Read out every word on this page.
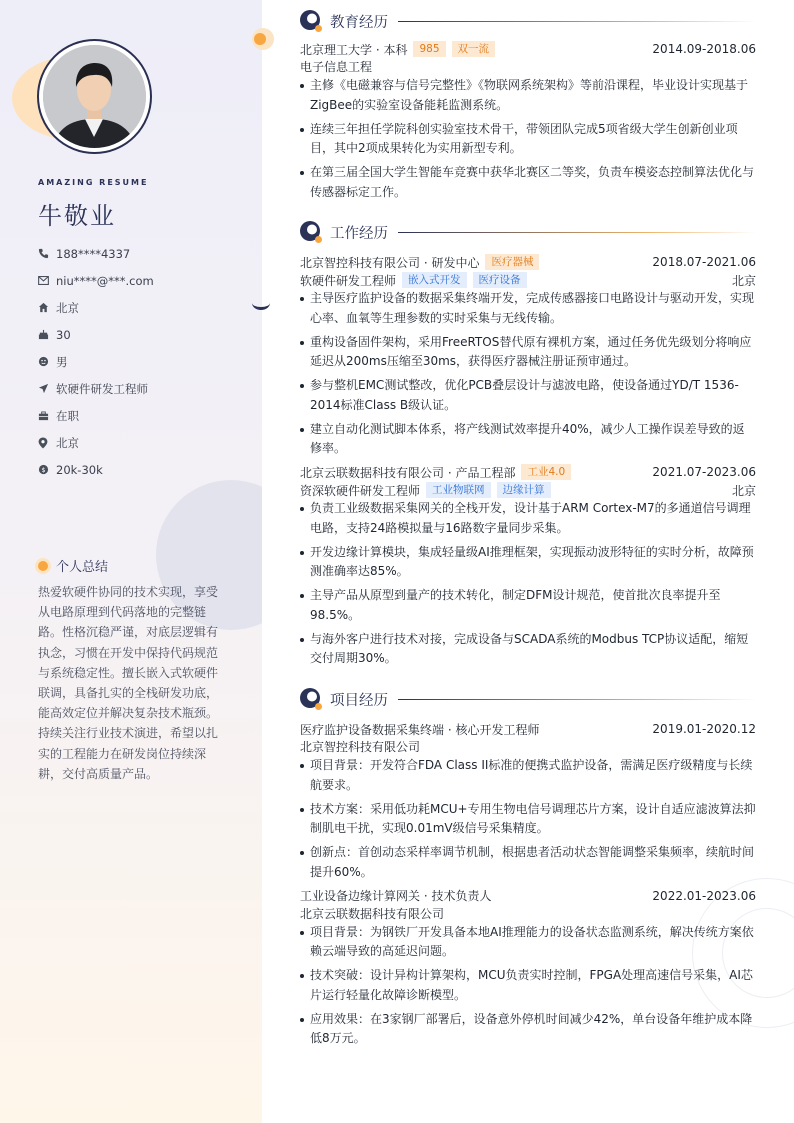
AMAZING RESUME
牛敬业
188****4337
niu****@***.com
北京
30
男
软硬件研发工程师
在职
北京
$ 20k-30k
个人总结
热爱软硬件协同的技术实现，享受从电路原理到代码落地的完整链路。性格沉稳严谨，对底层逻辑有执念，习惯在开发中保持代码规范与系统稳定性。擅长嵌入式软硬件联调，具备扎实的全栈研发功底，能高效定位并解决复杂技术瓶颈。持续关注行业技术演进，希望以扎实的工程能力在研发岗位持续深耕，交付高质量产品。
教育经历
北京理工大学 · 本科	985	双一流	2014.09-2018.06
电子信息工程
主修《电磁兼容与信号完整性》《物联网系统架构》等前沿课程，毕业设计实现基于ZigBee的实验室设备能耗监测系统。
连续三年担任学院科创实验室技术骨干，带领团队完成5项省级大学生创新创业项目，其中2项成果转化为实用新型专利。
在第三届全国大学生智能车竞赛中获华北赛区二等奖，负责车模姿态控制算法优化与传感器标定工作。
工作经历
北京智控科技有限公司 · 研发中心	医疗器械	2018.07-2021.06
软硬件研发工程师	嵌入式开发	医疗设备	北京
主导医疗监护设备的数据采集终端开发，完成传感器接口电路设计与驱动开发，实现心率、血氧等生理参数的实时采集与无线传输。
重构设备固件架构，采用FreeRTOS替代原有裸机方案，通过任务优先级划分将响应延迟从200ms压缩至30ms，获得医疗器械注册证预审通过。
参与整机EMC测试整改，优化PCB叠层设计与滤波电路，使设备通过YD/T 1536-2014标准Class B级认证。
建立自动化测试脚本体系，将产线测试效率提升40%，减少人工操作误差导致的返修率。
北京云联数据科技有限公司 · 产品工程部	工业4.0	2021.07-2023.06
资深软硬件研发工程师	工业物联网	边缘计算	北京
负责工业级数据采集网关的全栈开发，设计基于ARM Cortex-M7的多通道信号调理电路，支持24路模拟量与16路数字量同步采集。
开发边缘计算模块，集成轻量级AI推理框架，实现振动波形特征的实时分析，故障预测准确率达85%。
主导产品从原型到量产的技术转化，制定DFM设计规范，使首批次良率提升至98.5%。
与海外客户进行技术对接，完成设备与SCADA系统的Modbus TCP协议适配，缩短交付周期30%。
项目经历
医疗监护设备数据采集终端 · 核心开发工程师	2019.01-2020.12
北京智控科技有限公司
项目背景：开发符合FDA Class II标准的便携式监护设备，需满足医疗级精度与长续航要求。
技术方案：采用低功耗MCU+专用生物电信号调理芯片方案，设计自适应滤波算法抑制肌电干扰，实现0.01mV级信号采集精度。
创新点：首创动态采样率调节机制，根据患者活动状态智能调整采集频率，续航时间提升60%。
工业设备边缘计算网关 · 技术负责人	2022.01-2023.06
北京云联数据科技有限公司
项目背景：为钢铁厂开发具备本地AI推理能力的设备状态监测系统，解决传统方案依赖云端导致的高延迟问题。
技术突破：设计异构计算架构，MCU负责实时控制，FPGA处理高速信号采集，AI芯片运行轻量化故障诊断模型。
应用效果：在3家钢厂部署后，设备意外停机时间减少42%，单台设备年维护成本降低8万元。
